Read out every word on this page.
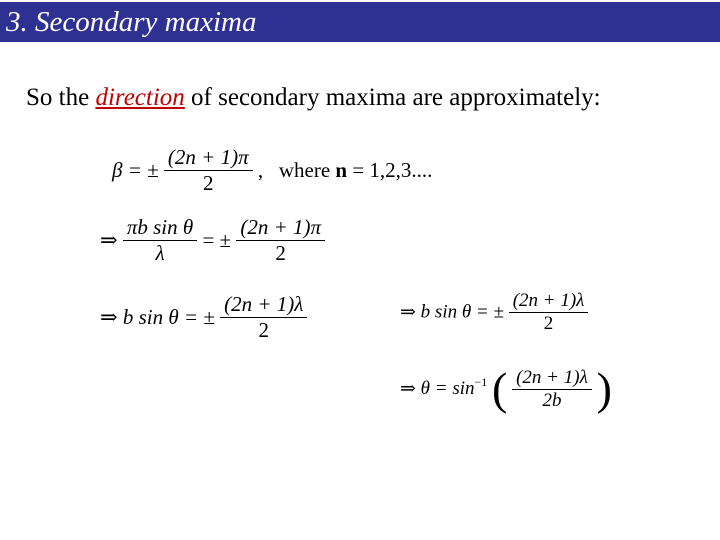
3. Secondary maxima
So the direction of secondary maxima are approximately:
β = ± $\frac{(2n + 1)\pi}{2}$ ,   where n = 1,2,3....
⇒ $\frac{\text{πb sin θ}}{\lambda}$ = ± $\frac{(2n + 1)\pi}{2}$
⇒ b sin θ = ± $\frac{(2n + 1)\lambda}{2}$	⇒ b sin θ = ± $\frac{(2n + 1)\lambda}{2}$
⇒ $\theta = \sin^{-1}$ ( $\frac{(2n + 1)\lambda}{2b}$ )
